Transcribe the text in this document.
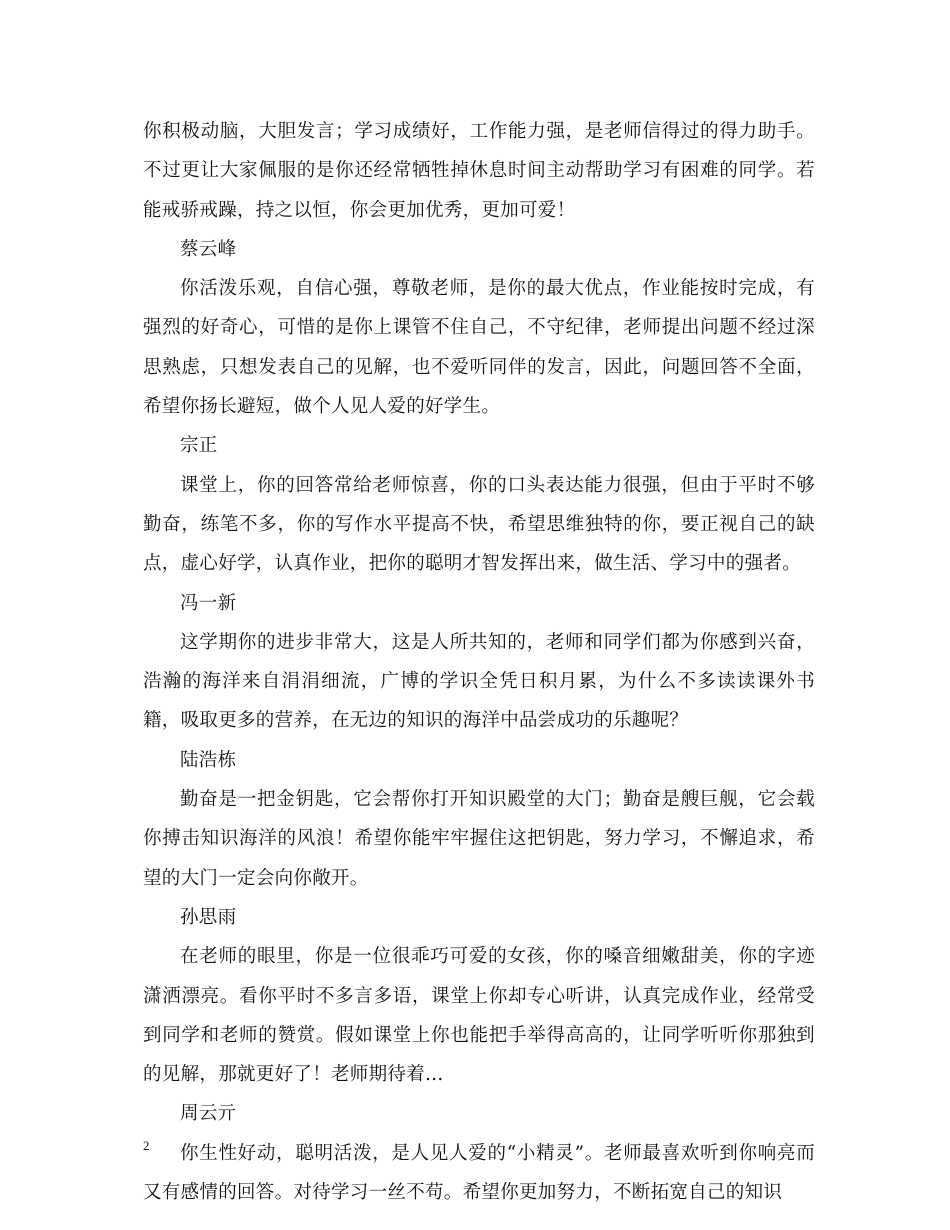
你积极动脑，大胆发言；学习成绩好，工作能力强，是老师信得过的得力助手。不过更让大家佩服的是你还经常牺牲掉休息时间主动帮助学习有困难的同学。若能戒骄戒躁，持之以恒，你会更加优秀，更加可爱！

蔡云峰

你活泼乐观，自信心强，尊敬老师，是你的最大优点，作业能按时完成，有强烈的好奇心，可惜的是你上课管不住自己，不守纪律，老师提出问题不经过深思熟虑，只想发表自己的见解，也不爱听同伴的发言，因此，问题回答不全面，希望你扬长避短，做个人见人爱的好学生。

宗正

课堂上，你的回答常给老师惊喜，你的口头表达能力很强，但由于平时不够勤奋，练笔不多，你的写作水平提高不快，希望思维独特的你，要正视自己的缺点，虚心好学，认真作业，把你的聪明才智发挥出来，做生活、学习中的强者。

冯一新

这学期你的进步非常大，这是人所共知的，老师和同学们都为你感到兴奋，浩瀚的海洋来自涓涓细流，广博的学识全凭日积月累，为什么不多读读课外书籍，吸取更多的营养，在无边的知识的海洋中品尝成功的乐趣呢？

陆浩栋

勤奋是一把金钥匙，它会帮你打开知识殿堂的大门；勤奋是艘巨舰，它会载你搏击知识海洋的风浪！希望你能牢牢握住这把钥匙，努力学习，不懈追求，希望的大门一定会向你敞开。

孙思雨

在老师的眼里，你是一位很乖巧可爱的女孩，你的嗓音细嫩甜美，你的字迹潇洒漂亮。看你平时不多言多语，课堂上你却专心听讲，认真完成作业，经常受到同学和老师的赞赏。假如课堂上你也能把手举得高高的，让同学听听你那独到的见解，那就更好了！老师期待着...

周云亓

你生性好动，聪明活泼，是人见人爱的“小精灵”。老师最喜欢听到你响亮而又有感情的回答。对待学习一丝不苟。希望你更加努力，不断拓宽自己的知识

2
